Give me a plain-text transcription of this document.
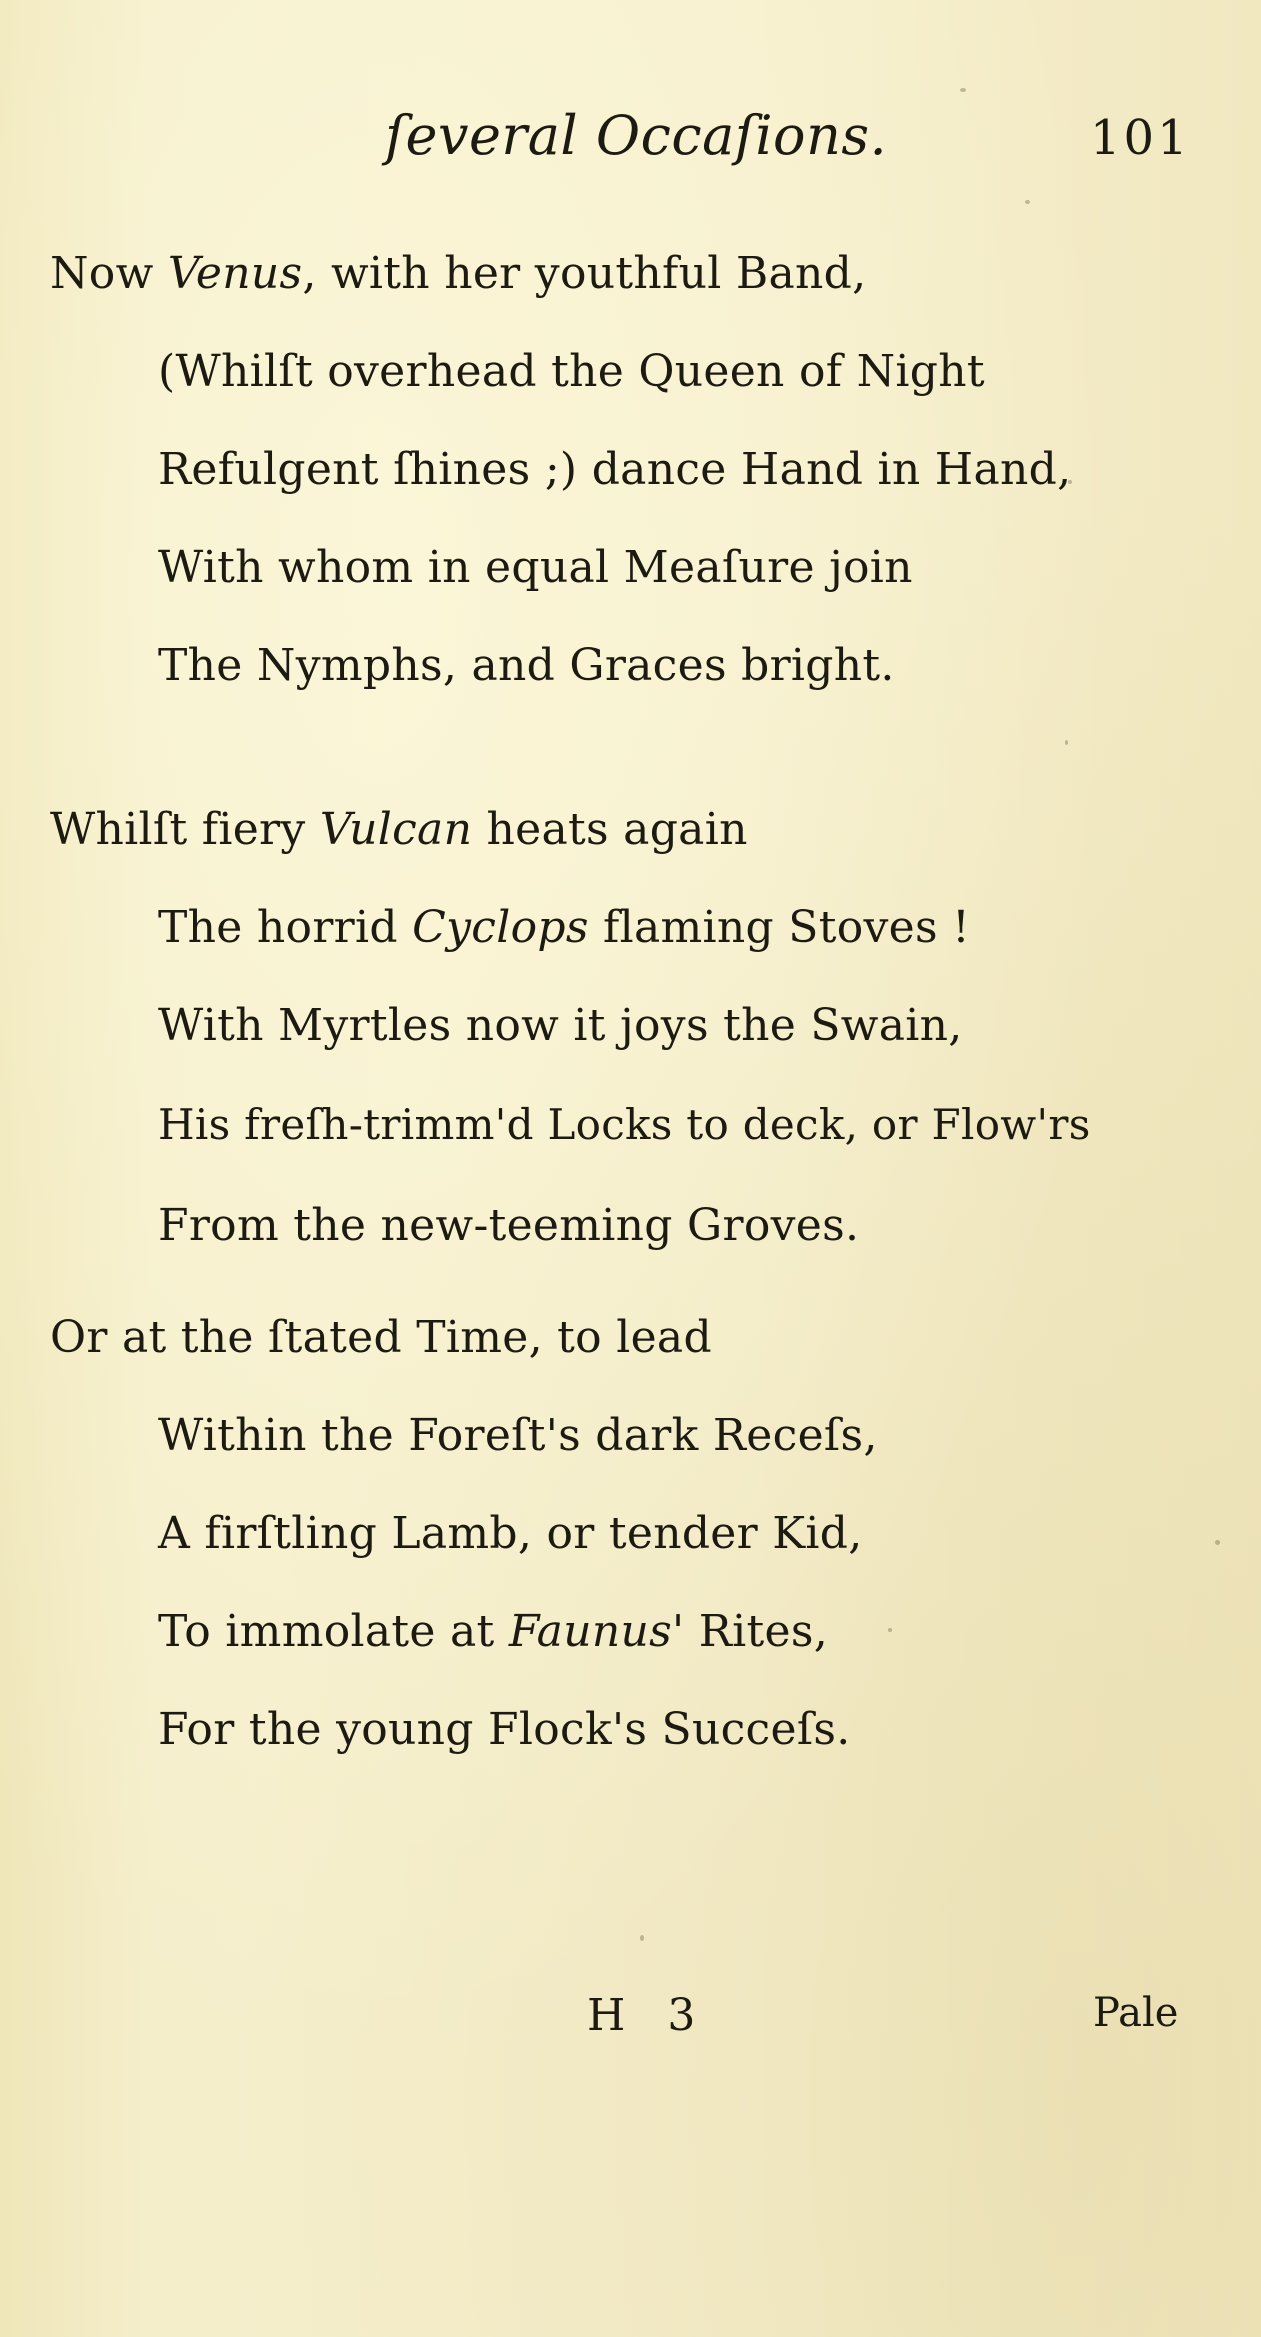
ſeveral Occaſions.	101
Now Venus, with her youthful Band,
(Whilſt overhead the Queen of Night
Refulgent ſhines ;) dance Hand in Hand,
With whom in equal Meaſure join
The Nymphs, and Graces bright.
Whilſt fiery Vulcan heats again
The horrid Cyclops flaming Stoves !
With Myrtles now it joys the Swain,
His freſh-trimm'd Locks to deck, or Flow'rs
From the new-teeming Groves.
Or at the ſtated Time, to lead
Within the Foreſt's dark Receſs,
A firſtling Lamb, or tender Kid,
To immolate at Faunus' Rites,
For the young Flock's Succeſs.
H 3	Pale
